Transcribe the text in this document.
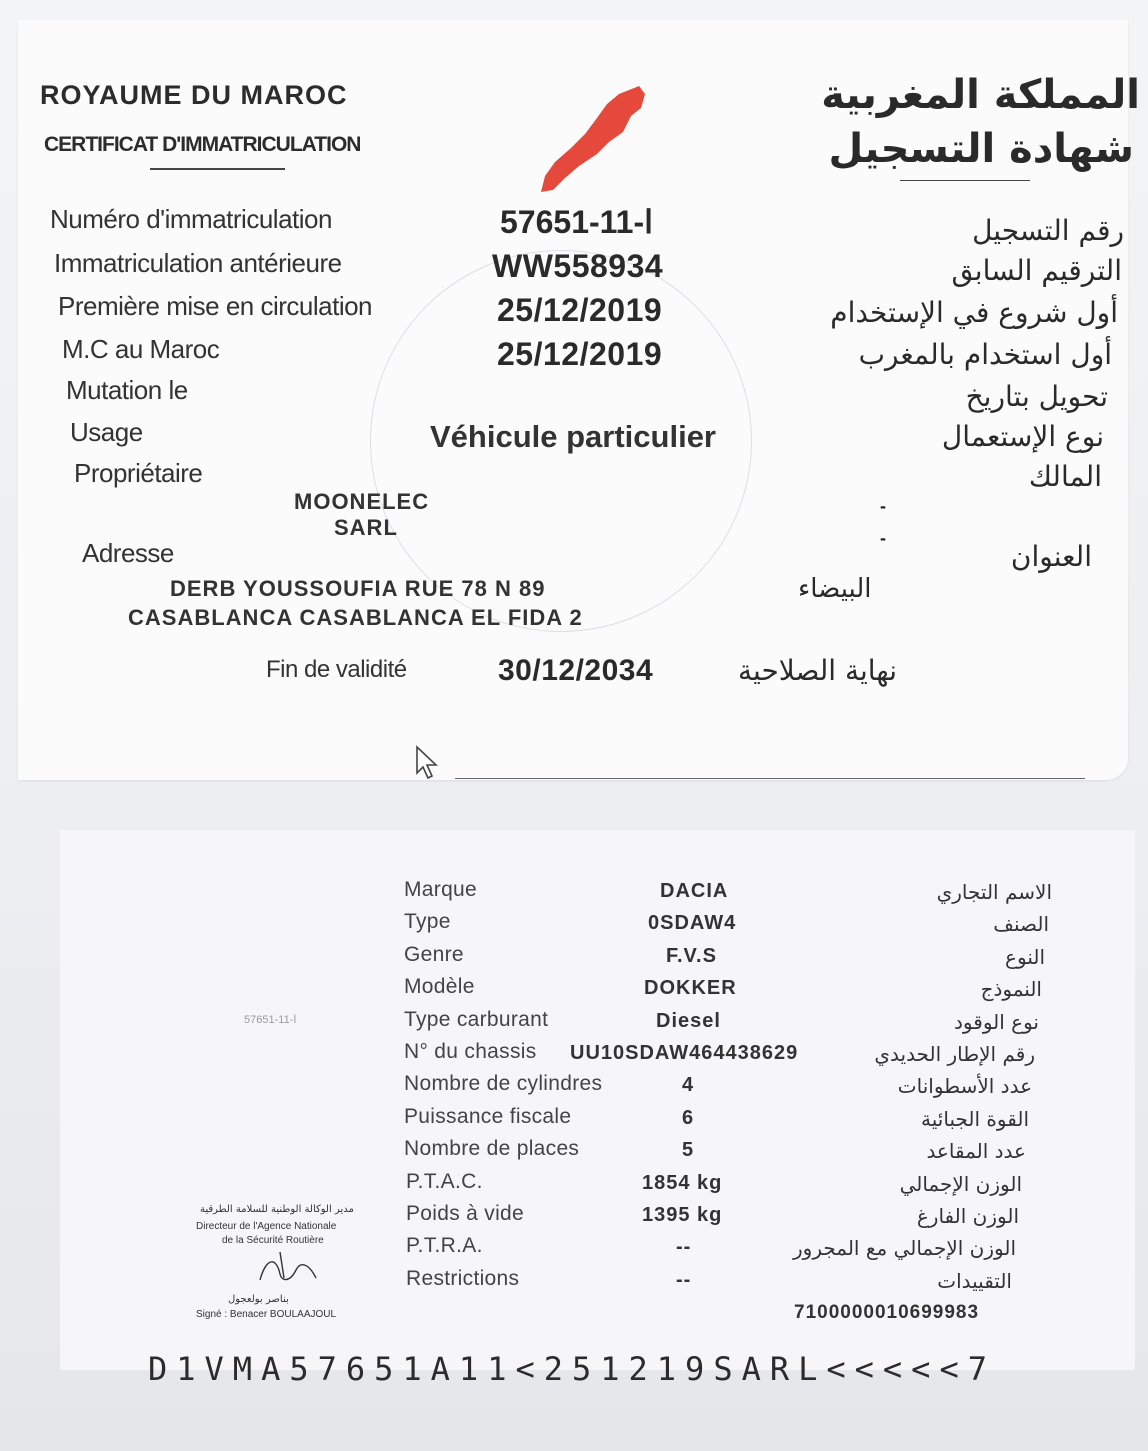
ROYAUME DU MAROC
CERTIFICAT D'IMMATRICULATION
المملكة المغربية
شهادة التسجيل
Numéro d'immatriculation	57651-ا-11	رقم التسجيل
Immatriculation antérieure	WW558934	الترقيم السابق
Première mise en circulation	25/12/2019	أول شروع في الإستخدام
M.C au Maroc	25/12/2019	أول استخدام بالمغرب
Mutation le	تحويل بتاريخ
Usage	Véhicule particulier	نوع الإستعمال
Propriétaire	المالك
MOONELEC
SARL
-
-
Adresse	العنوان
DERB YOUSSOUFIA RUE 78 N 89
CASABLANCA CASABLANCA EL FIDA 2
البيضاء
Fin de validité	30/12/2034	نهاية الصلاحية
57651-ا-11
Marque	DACIA	الاسم التجاري
Type	0SDAW4	الصنف
Genre	F.V.S	النوع
Modèle	DOKKER	النموذج
Type carburant	Diesel	نوع الوقود
N° du chassis UU10SDAW464438629	رقم الإطار الحديدي
Nombre de cylindres	4	عدد الأسطوانات
Puissance fiscale	6	القوة الجبائية
Nombre de places	5	عدد المقاعد
P.T.A.C.	1854 kg	الوزن الإجمالي
Poids à vide	1395 kg	الوزن الفارغ
P.T.R.A.	--	الوزن الإجمالي مع المجرور
Restrictions	--	التقييدات
7100000010699983
مدير الوكالة الوطنية للسلامة الطرقية
Directeur de l'Agence Nationale
de la Sécurité Routière
بناصر بولعجول
Signé : Benacer BOULAAJOUL
D1VMA57651A11<251219SARL<<<<<7
